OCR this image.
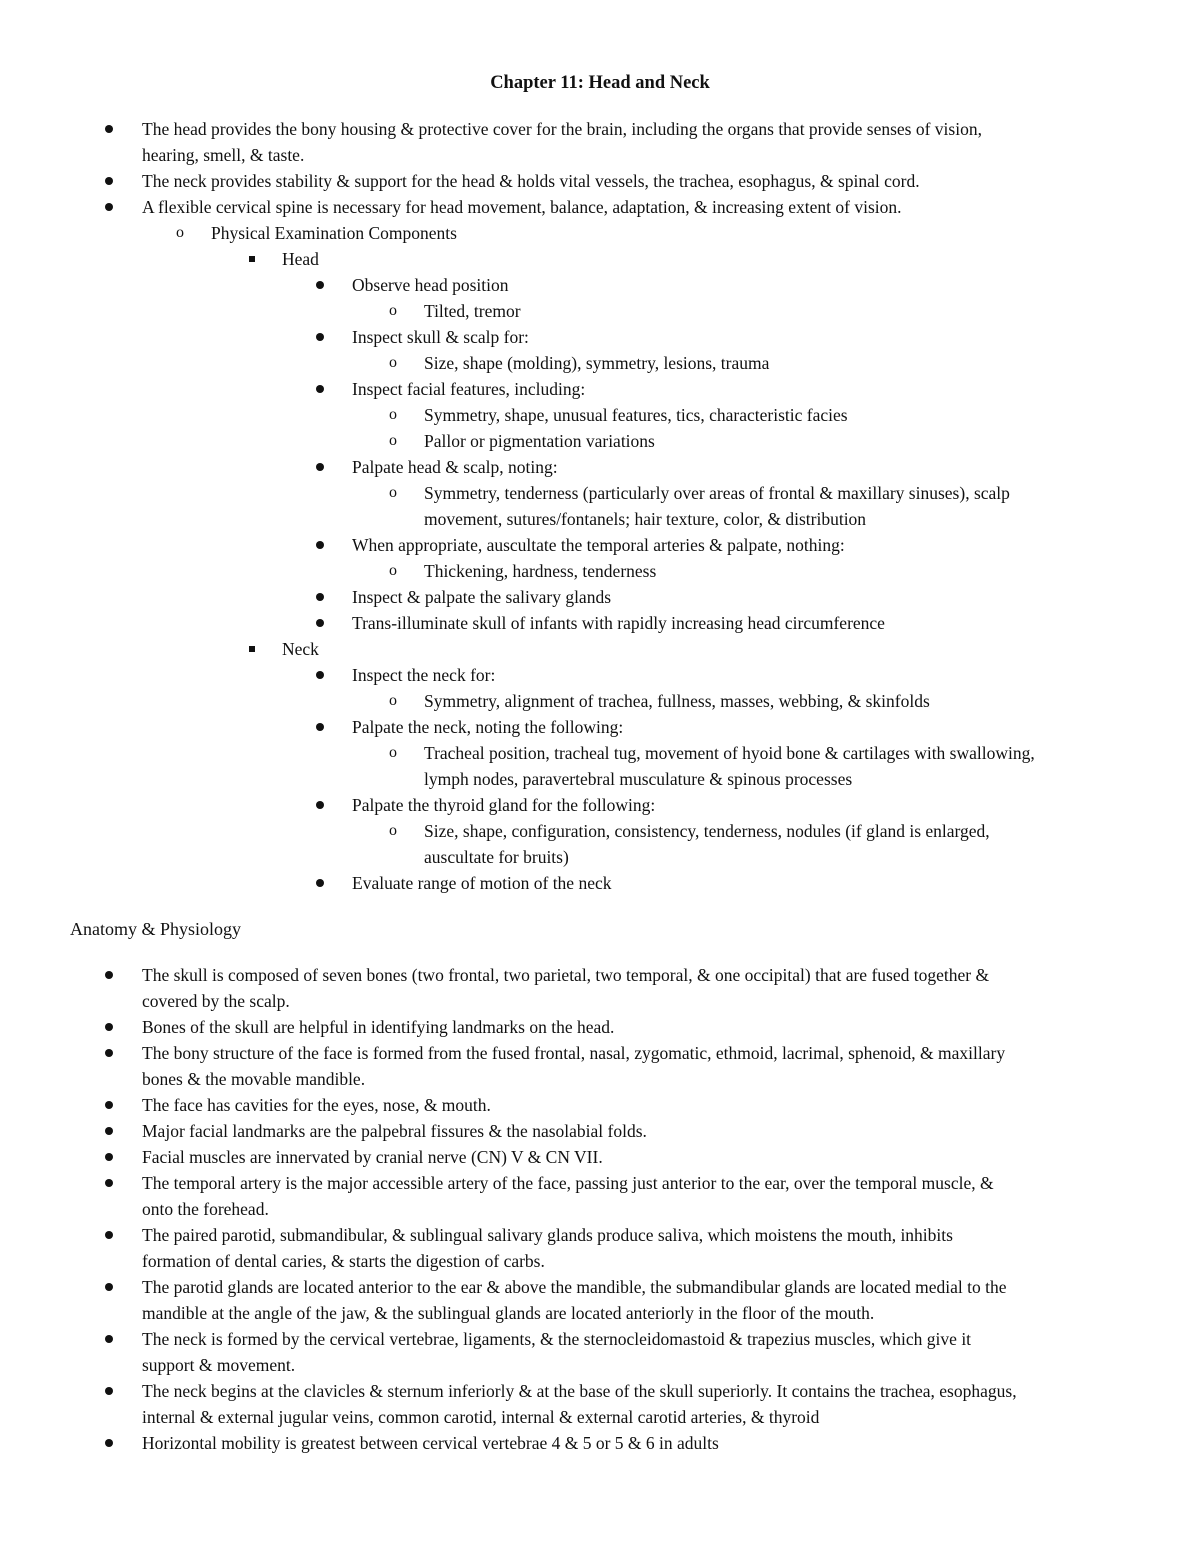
Chapter 11: Head and Neck
The head provides the bony housing & protective cover for the brain, including the organs that provide senses of vision,
hearing, smell, & taste.
The neck provides stability & support for the head & holds vital vessels, the trachea, esophagus, & spinal cord.
A flexible cervical spine is necessary for head movement, balance, adaptation, & increasing extent of vision.
o Physical Examination Components
Head
Observe head position
o Tilted, tremor
Inspect skull & scalp for:
o Size, shape (molding), symmetry, lesions, trauma
Inspect facial features, including:
o Symmetry, shape, unusual features, tics, characteristic facies
o Pallor or pigmentation variations
Palpate head & scalp, noting:
o Symmetry, tenderness (particularly over areas of frontal & maxillary sinuses), scalp
movement, sutures/fontanels; hair texture, color, & distribution
When appropriate, auscultate the temporal arteries & palpate, nothing:
o Thickening, hardness, tenderness
Inspect & palpate the salivary glands
Trans-illuminate skull of infants with rapidly increasing head circumference
Neck
Inspect the neck for:
o Symmetry, alignment of trachea, fullness, masses, webbing, & skinfolds
Palpate the neck, noting the following:
o Tracheal position, tracheal tug, movement of hyoid bone & cartilages with swallowing,
lymph nodes, paravertebral musculature & spinous processes
Palpate the thyroid gland for the following:
o Size, shape, configuration, consistency, tenderness, nodules (if gland is enlarged,
auscultate for bruits)
Evaluate range of motion of the neck
Anatomy & Physiology
The skull is composed of seven bones (two frontal, two parietal, two temporal, & one occipital) that are fused together &
covered by the scalp.
Bones of the skull are helpful in identifying landmarks on the head.
The bony structure of the face is formed from the fused frontal, nasal, zygomatic, ethmoid, lacrimal, sphenoid, & maxillary
bones & the movable mandible.
The face has cavities for the eyes, nose, & mouth.
Major facial landmarks are the palpebral fissures & the nasolabial folds.
Facial muscles are innervated by cranial nerve (CN) V & CN VII.
The temporal artery is the major accessible artery of the face, passing just anterior to the ear, over the temporal muscle, &
onto the forehead.
The paired parotid, submandibular, & sublingual salivary glands produce saliva, which moistens the mouth, inhibits
formation of dental caries, & starts the digestion of carbs.
The parotid glands are located anterior to the ear & above the mandible, the submandibular glands are located medial to the
mandible at the angle of the jaw, & the sublingual glands are located anteriorly in the floor of the mouth.
The neck is formed by the cervical vertebrae, ligaments, & the sternocleidomastoid & trapezius muscles, which give it
support & movement.
The neck begins at the clavicles & sternum inferiorly & at the base of the skull superiorly. It contains the trachea, esophagus,
internal & external jugular veins, common carotid, internal & external carotid arteries, & thyroid
Horizontal mobility is greatest between cervical vertebrae 4 & 5 or 5 & 6 in adults
